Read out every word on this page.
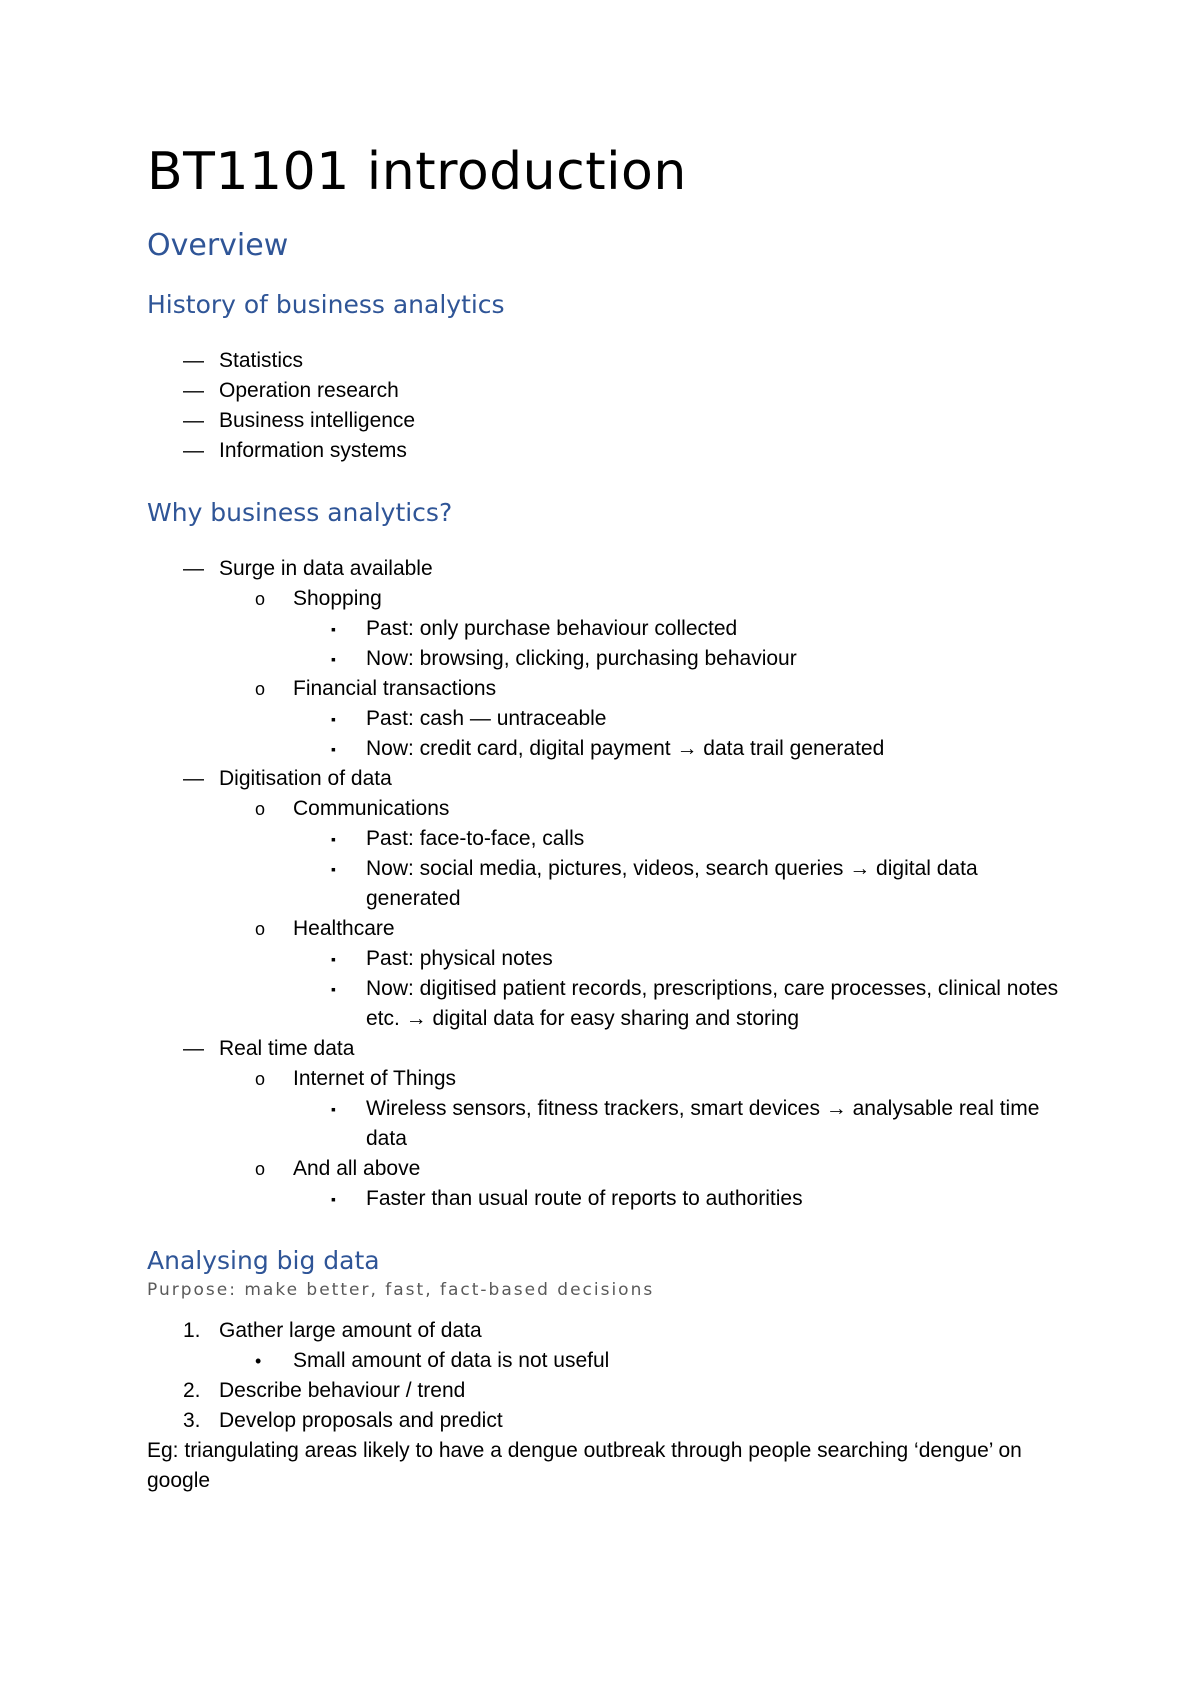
BT1101 introduction
Overview
History of business analytics
— Statistics
— Operation research
— Business intelligence
— Information systems
Why business analytics?
— Surge in data available
o Shopping
▪ Past: only purchase behaviour collected
▪ Now: browsing, clicking, purchasing behaviour
o Financial transactions
▪ Past: cash — untraceable
▪ Now: credit card, digital payment → data trail generated
— Digitisation of data
o Communications
▪ Past: face-to-face, calls
▪ Now: social media, pictures, videos, search queries → digital data generated
o Healthcare
▪ Past: physical notes
▪ Now: digitised patient records, prescriptions, care processes, clinical notes etc. → digital data for easy sharing and storing
— Real time data
o Internet of Things
▪ Wireless sensors, fitness trackers, smart devices → analysable real time data
o And all above
▪ Faster than usual route of reports to authorities
Analysing big data

Purpose: make better, fast, fact-based decisions

1. Gather large amount of data
• Small amount of data is not useful
2. Describe behaviour / trend
3. Develop proposals and predict
Eg: triangulating areas likely to have a dengue outbreak through people searching ‘dengue’ on google
